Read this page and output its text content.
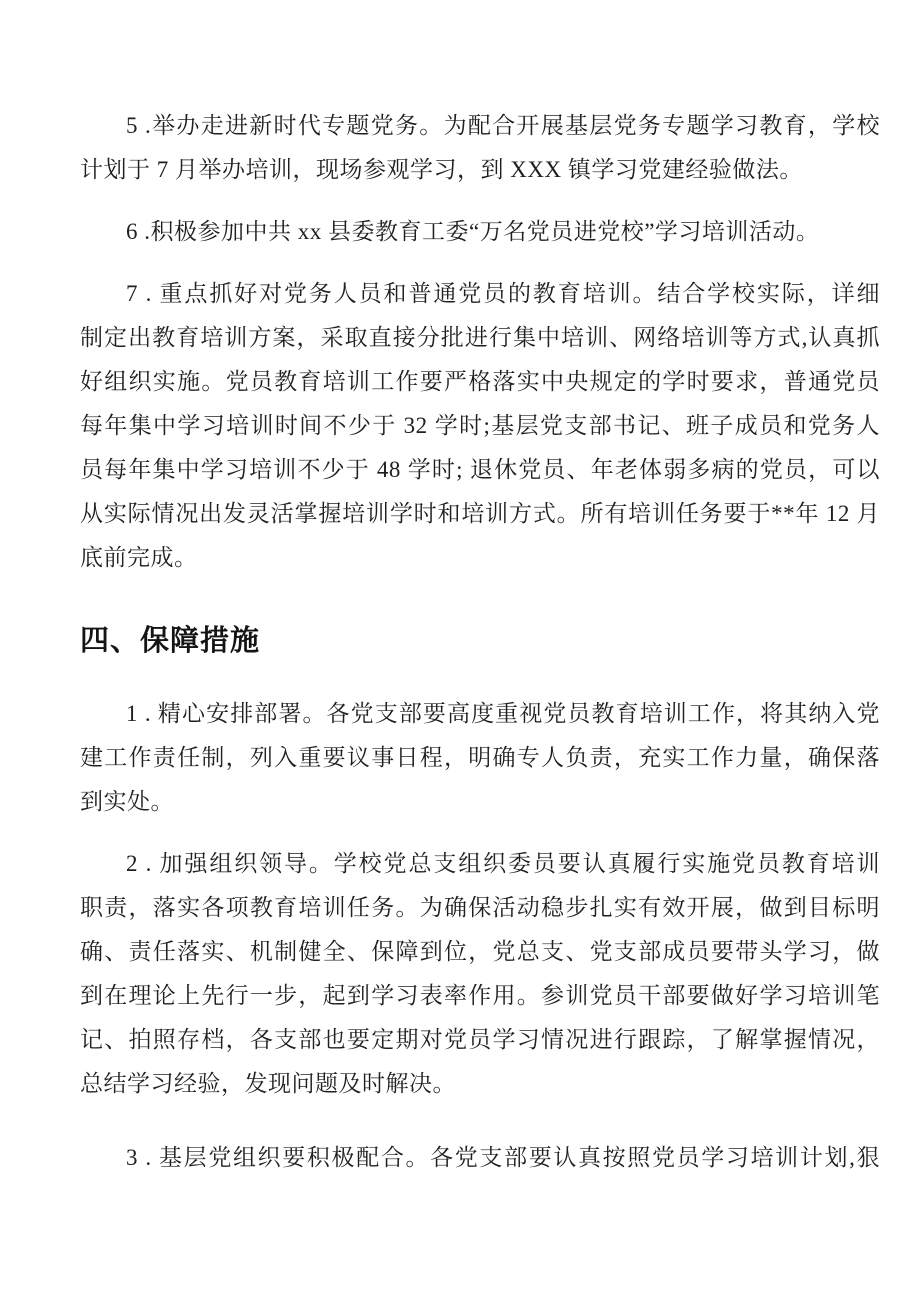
5 .举办走进新时代专题党务。为配合开展基层党务专题学习教育，学校
计划于 7 月举办培训，现场参观学习，到 XXX 镇学习党建经验做法。
6 .积极参加中共 xx 县委教育工委“万名党员进党校”学习培训活动。
7 . 重点抓好对党务人员和普通党员的教育培训。结合学校实际，详细
制定出教育培训方案，采取直接分批进行集中培训、网络培训等方式,认真抓
好组织实施。党员教育培训工作要严格落实中央规定的学时要求，普通党员
每年集中学习培训时间不少于 32 学时;基层党支部书记、班子成员和党务人
员每年集中学习培训不少于 48 学时; 退休党员、年老体弱多病的党员，可以
从实际情况出发灵活掌握培训学时和培训方式。所有培训任务要于**年 12 月
底前完成。
四、保障措施
1 . 精心安排部署。各党支部要高度重视党员教育培训工作，将其纳入党
建工作责任制，列入重要议事日程，明确专人负责，充实工作力量，确保落
到实处。
2 . 加强组织领导。学校党总支组织委员要认真履行实施党员教育培训
职责，落实各项教育培训任务。为确保活动稳步扎实有效开展，做到目标明
确、责任落实、机制健全、保障到位，党总支、党支部成员要带头学习，做
到在理论上先行一步，起到学习表率作用。参训党员干部要做好学习培训笔
记、拍照存档，各支部也要定期对党员学习情况进行跟踪，了解掌握情况，
总结学习经验，发现问题及时解决。
3 . 基层党组织要积极配合。各党支部要认真按照党员学习培训计划,狠
